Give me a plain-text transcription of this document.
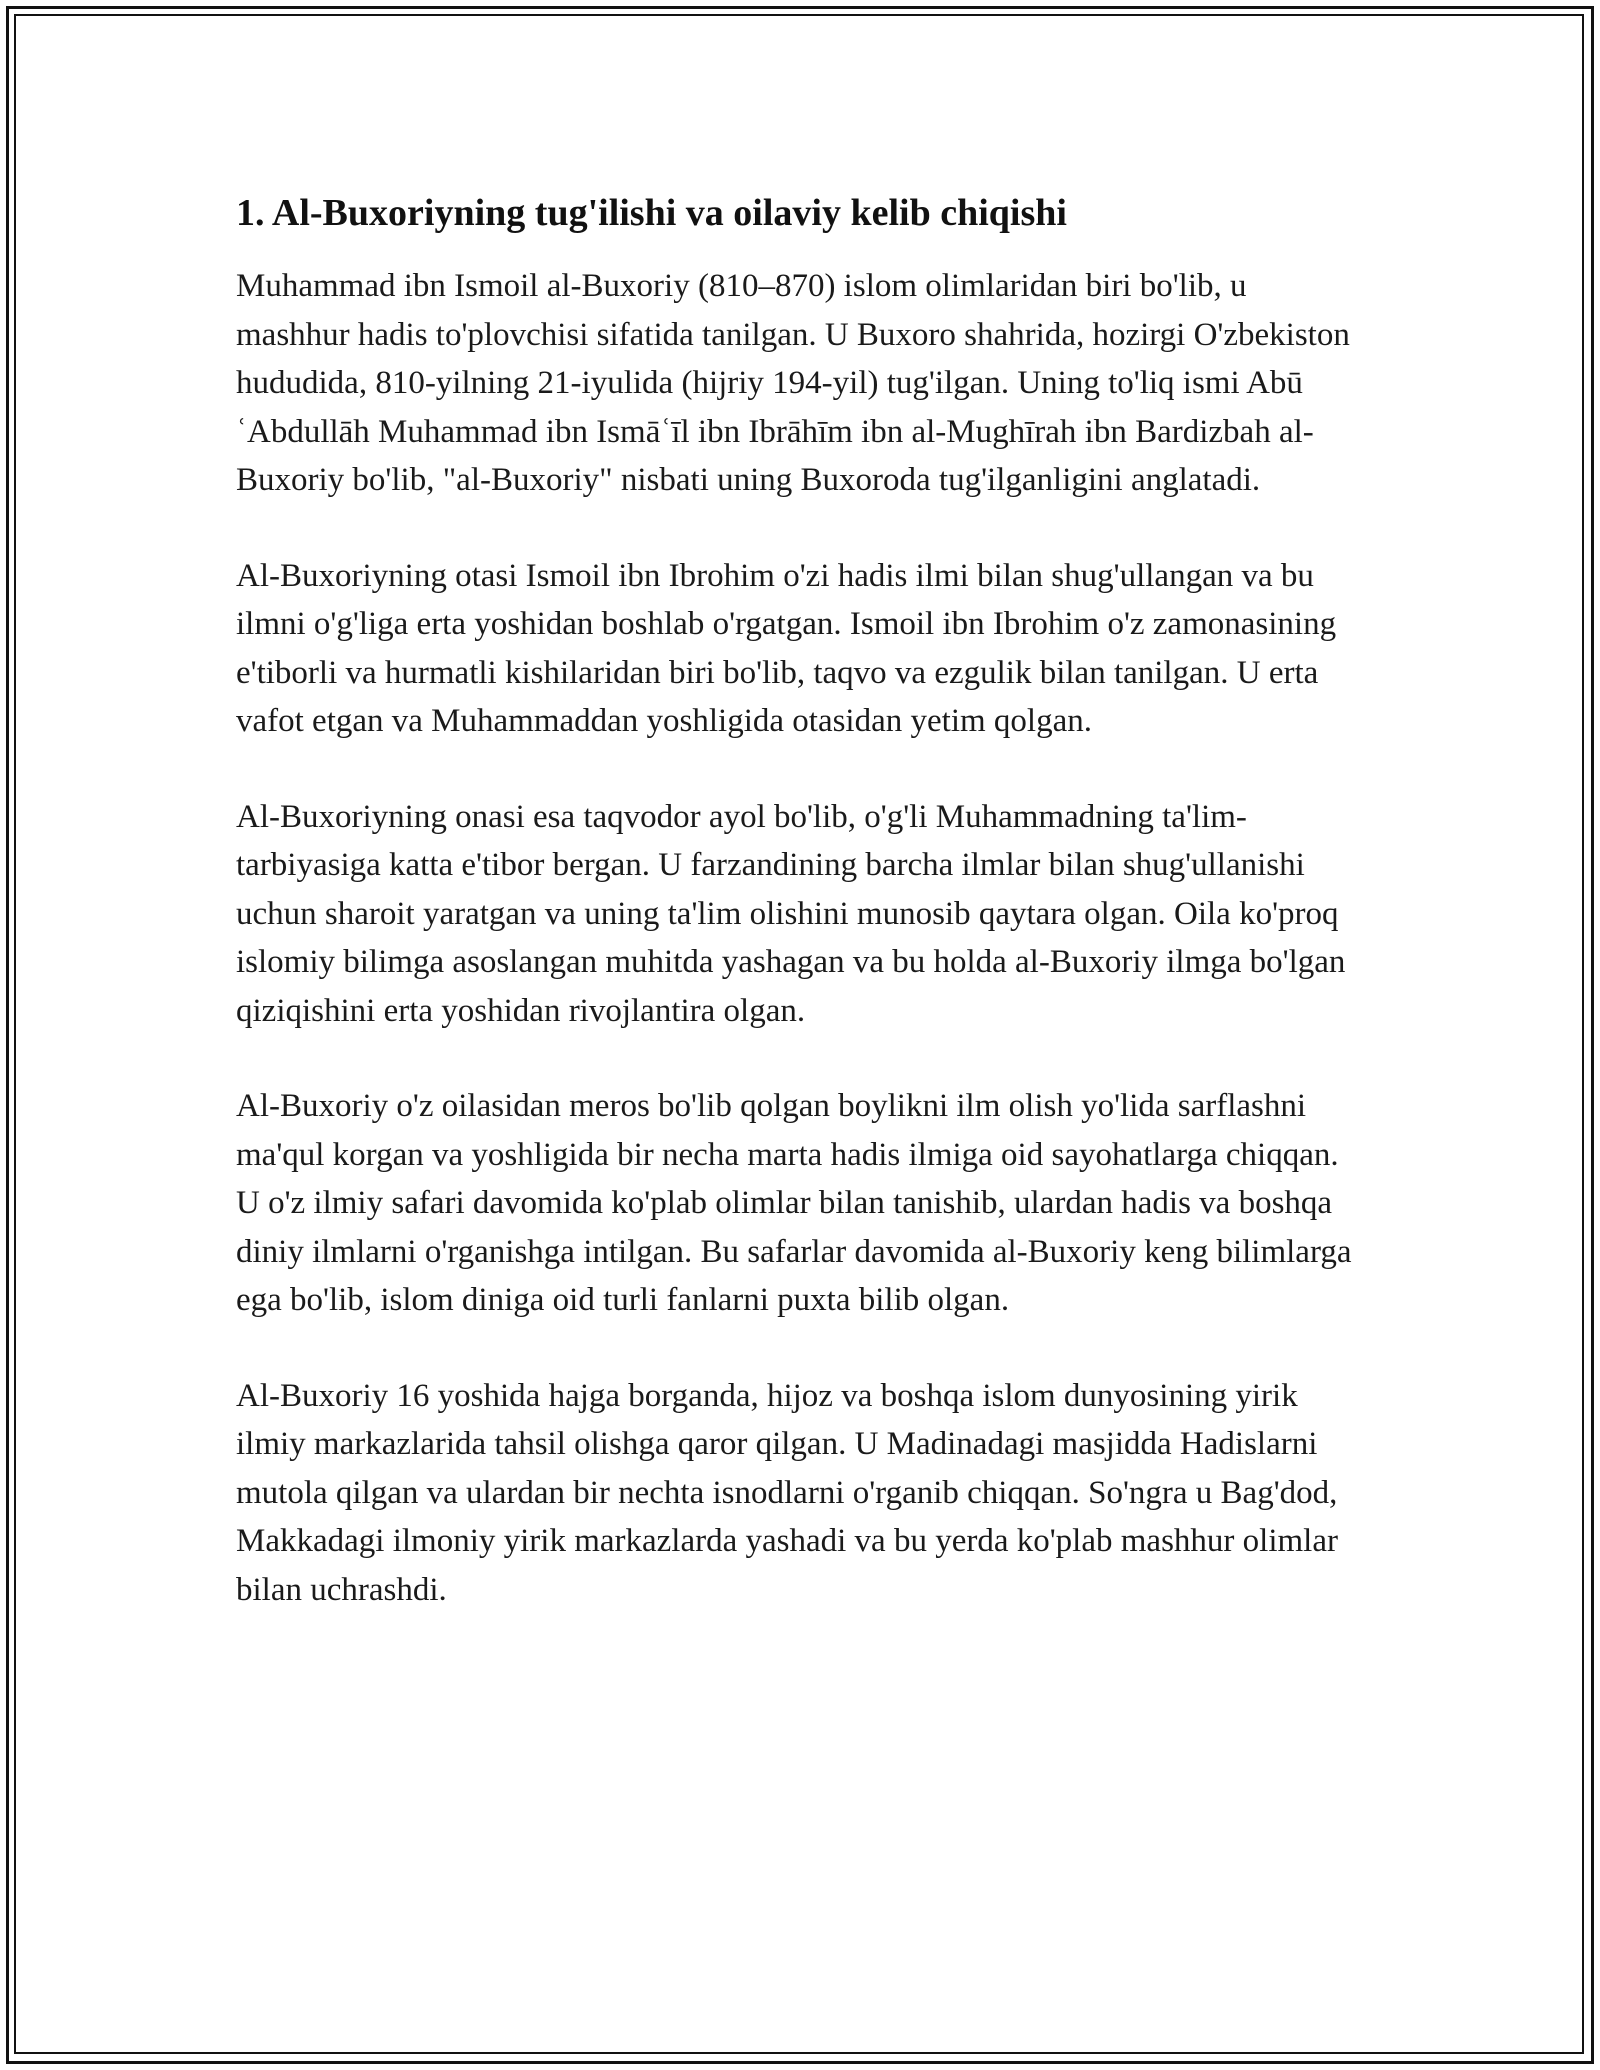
1. Al-Buxoriyning tug'ilishi va oilaviy kelib chiqishi

Muhammad ibn Ismoil al-Buxoriy (810–870) islom olimlaridan biri bo'lib, u mashhur hadis to'plovchisi sifatida tanilgan. U Buxoro shahrida, hozirgi O'zbekiston hududida, 810-yilning 21-iyulida (hijriy 194-yil) tug'ilgan. Uning to'liq ismi Abū ʿAbdullāh Muhammad ibn Ismāʿīl ibn Ibrāhīm ibn al-Mughīrah ibn Bardizbah al-Buxoriy bo'lib, "al-Buxoriy" nisbati uning Buxoroda tug'ilganligini anglatadi.

Al-Buxoriyning otasi Ismoil ibn Ibrohim o'zi hadis ilmi bilan shug'ullangan va bu ilmni o'g'liga erta yoshidan boshlab o'rgatgan. Ismoil ibn Ibrohim o'z zamonasining e'tiborli va hurmatli kishilaridan biri bo'lib, taqvo va ezgulik bilan tanilgan. U erta vafot etgan va Muhammaddan yoshligida otasidan yetim qolgan.

Al-Buxoriyning onasi esa taqvodor ayol bo'lib, o'g'li Muhammadning ta'lim-tarbiyasiga katta e'tibor bergan. U farzandining barcha ilmlar bilan shug'ullanishi uchun sharoit yaratgan va uning ta'lim olishini munosib qaytara olgan. Oila ko'proq islomiy bilimga asoslangan muhitda yashagan va bu holda al-Buxoriy ilmga bo'lgan qiziqishini erta yoshidan rivojlantira olgan.

Al-Buxoriy o'z oilasidan meros bo'lib qolgan boylikni ilm olish yo'lida sarflashni ma'qul korgan va yoshligida bir necha marta hadis ilmiga oid sayohatlarga chiqqan. U o'z ilmiy safari davomida ko'plab olimlar bilan tanishib, ulardan hadis va boshqa diniy ilmlarni o'rganishga intilgan. Bu safarlar davomida al-Buxoriy keng bilimlarga ega bo'lib, islom diniga oid turli fanlarni puxta bilib olgan.

Al-Buxoriy 16 yoshida hajga borganda, hijoz va boshqa islom dunyosining yirik ilmiy markazlarida tahsil olishga qaror qilgan. U Madinadagi masjidda Hadislarni mutola qilgan va ulardan bir nechta isnodlarni o'rganib chiqqan. So'ngra u Bag'dod, Makkadagi ilmoniy yirik markazlarda yashadi va bu yerda ko'plab mashhur olimlar bilan uchrashdi.
